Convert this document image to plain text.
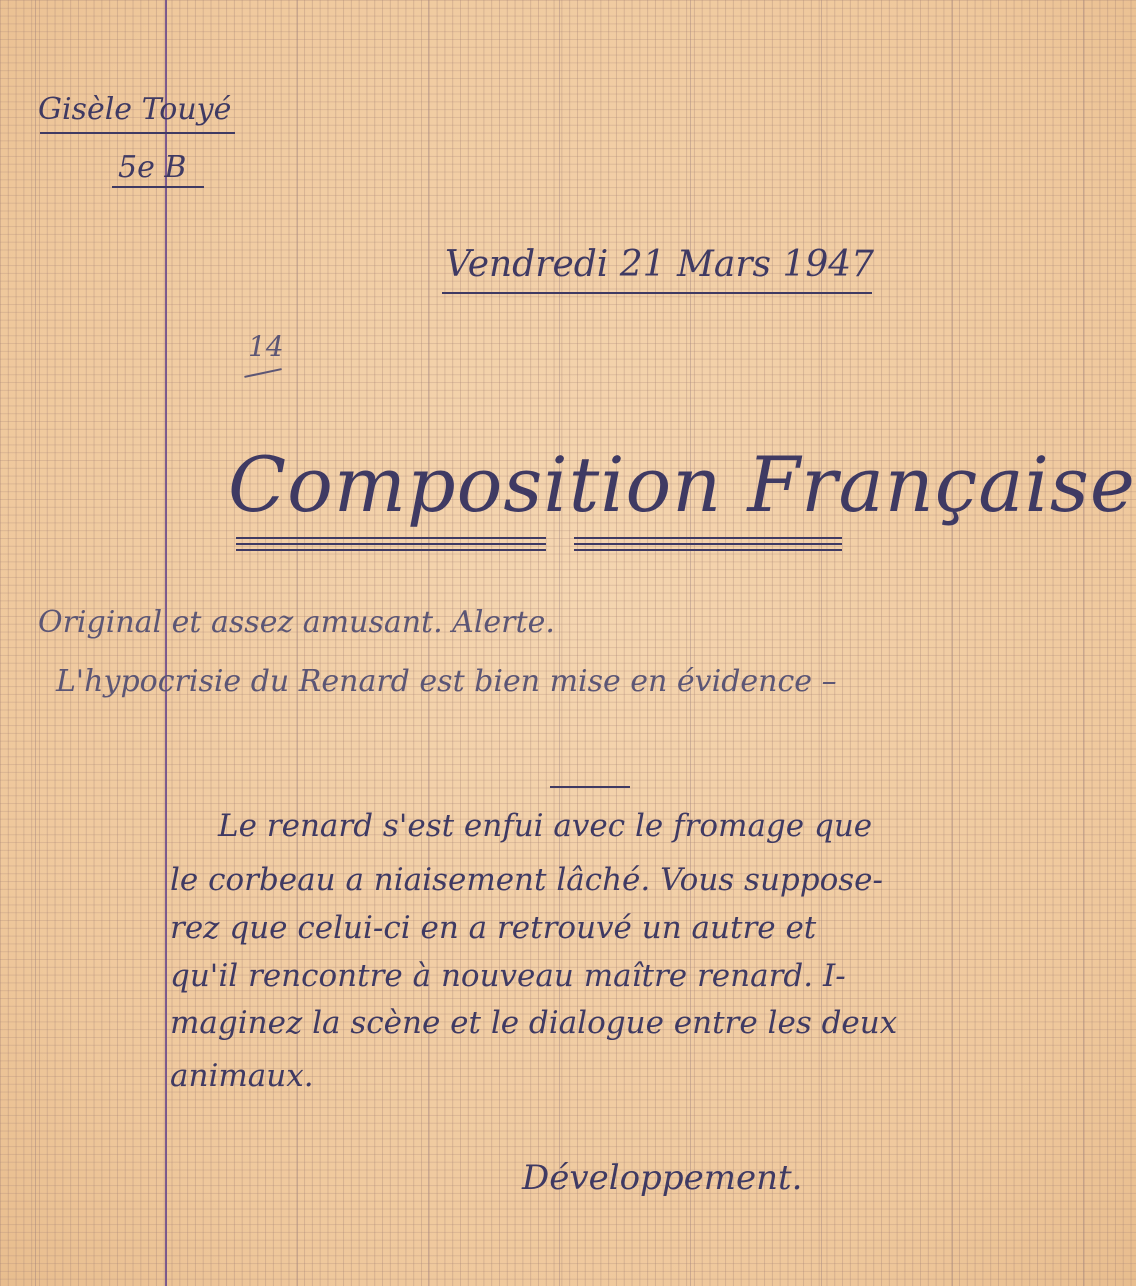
Gisèle Touyé
5e B
Vendredi 21 Mars 1947
14
Composition Française
Original et assez amusant. Alerte.
L'hypocrisie du Renard est bien mise en évidence –
Le renard s'est enfui avec le fromage que
le corbeau a niaisement lâché. Vous suppose-
rez que celui-ci en a retrouvé un autre et
qu'il rencontre à nouveau maître renard. I-
maginez la scène et le dialogue entre les deux
animaux.
Développement.
